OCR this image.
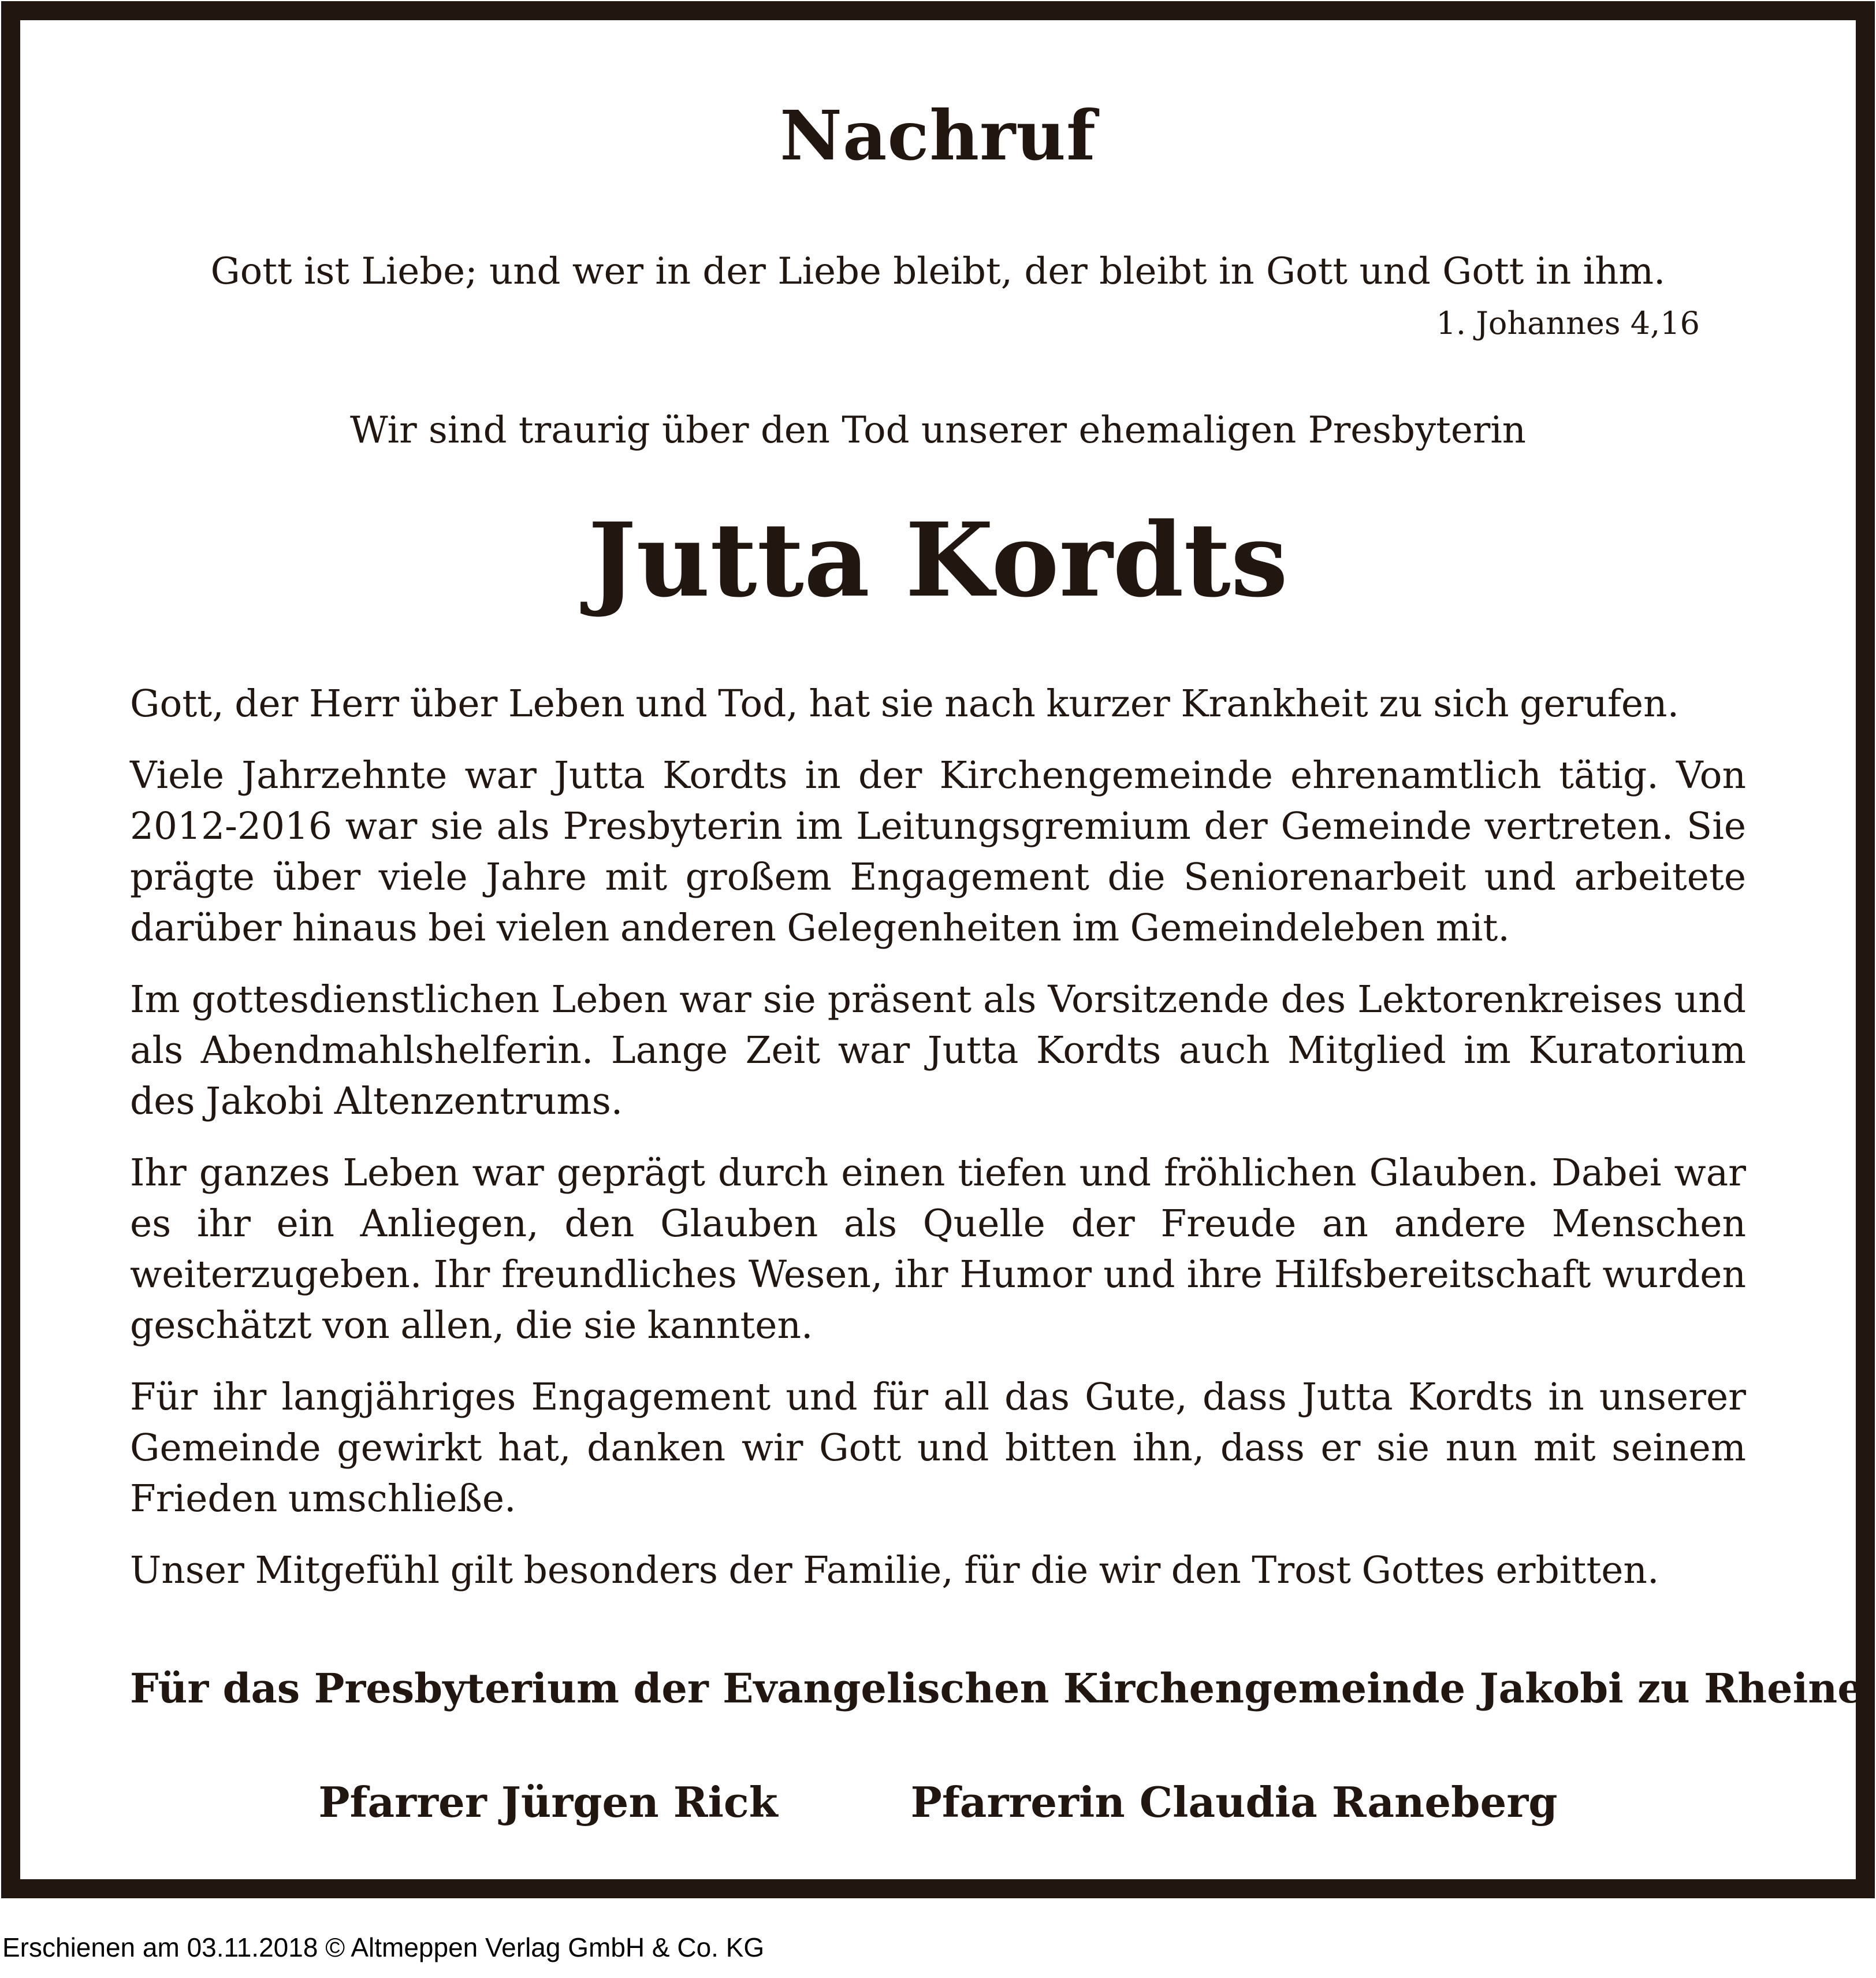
Nachruf
Gott ist Liebe; und wer in der Liebe bleibt, der bleibt in Gott und Gott in ihm.
1. Johannes 4,16
Wir sind traurig über den Tod unserer ehemaligen Presbyterin
Jutta Kordts

Gott, der Herr über Leben und Tod, hat sie nach kurzer Krankheit zu sich gerufen.

Viele Jahrzehnte war Jutta Kordts in der Kirchengemeinde ehrenamtlich tätig. Von 2012-2016 war sie als Presbyterin im Leitungsgremium der Gemeinde vertreten. Sie prägte über viele Jahre mit großem Engagement die Seniorenarbeit und arbeitete darüber hinaus bei vielen anderen Gelegenheiten im Gemeindeleben mit.

Im gottesdienstlichen Leben war sie präsent als Vorsitzende des Lektorenkreises und als Abendmahlshelferin. Lange Zeit war Jutta Kordts auch Mitglied im Kuratorium des Jakobi Altenzentrums.

Ihr ganzes Leben war geprägt durch einen tiefen und fröhlichen Glauben. Dabei war es ihr ein Anliegen, den Glauben als Quelle der Freude an andere Menschen weiterzugeben. Ihr freundliches Wesen, ihr Humor und ihre Hilfsbereitschaft wurden geschätzt von allen, die sie kannten.

Für ihr langjähriges Engagement und für all das Gute, dass Jutta Kordts in unserer Gemeinde gewirkt hat, danken wir Gott und bitten ihn, dass er sie nun mit seinem Frieden umschließe.

Unser Mitgefühl gilt besonders der Familie, für die wir den Trost Gottes erbitten.

Für das Presbyterium der Evangelischen Kirchengemeinde Jakobi zu Rheine
Pfarrer Jürgen Rick	Pfarrerin Claudia Raneberg
Erschienen am 03.11.2018 © Altmeppen Verlag GmbH & Co. KG
